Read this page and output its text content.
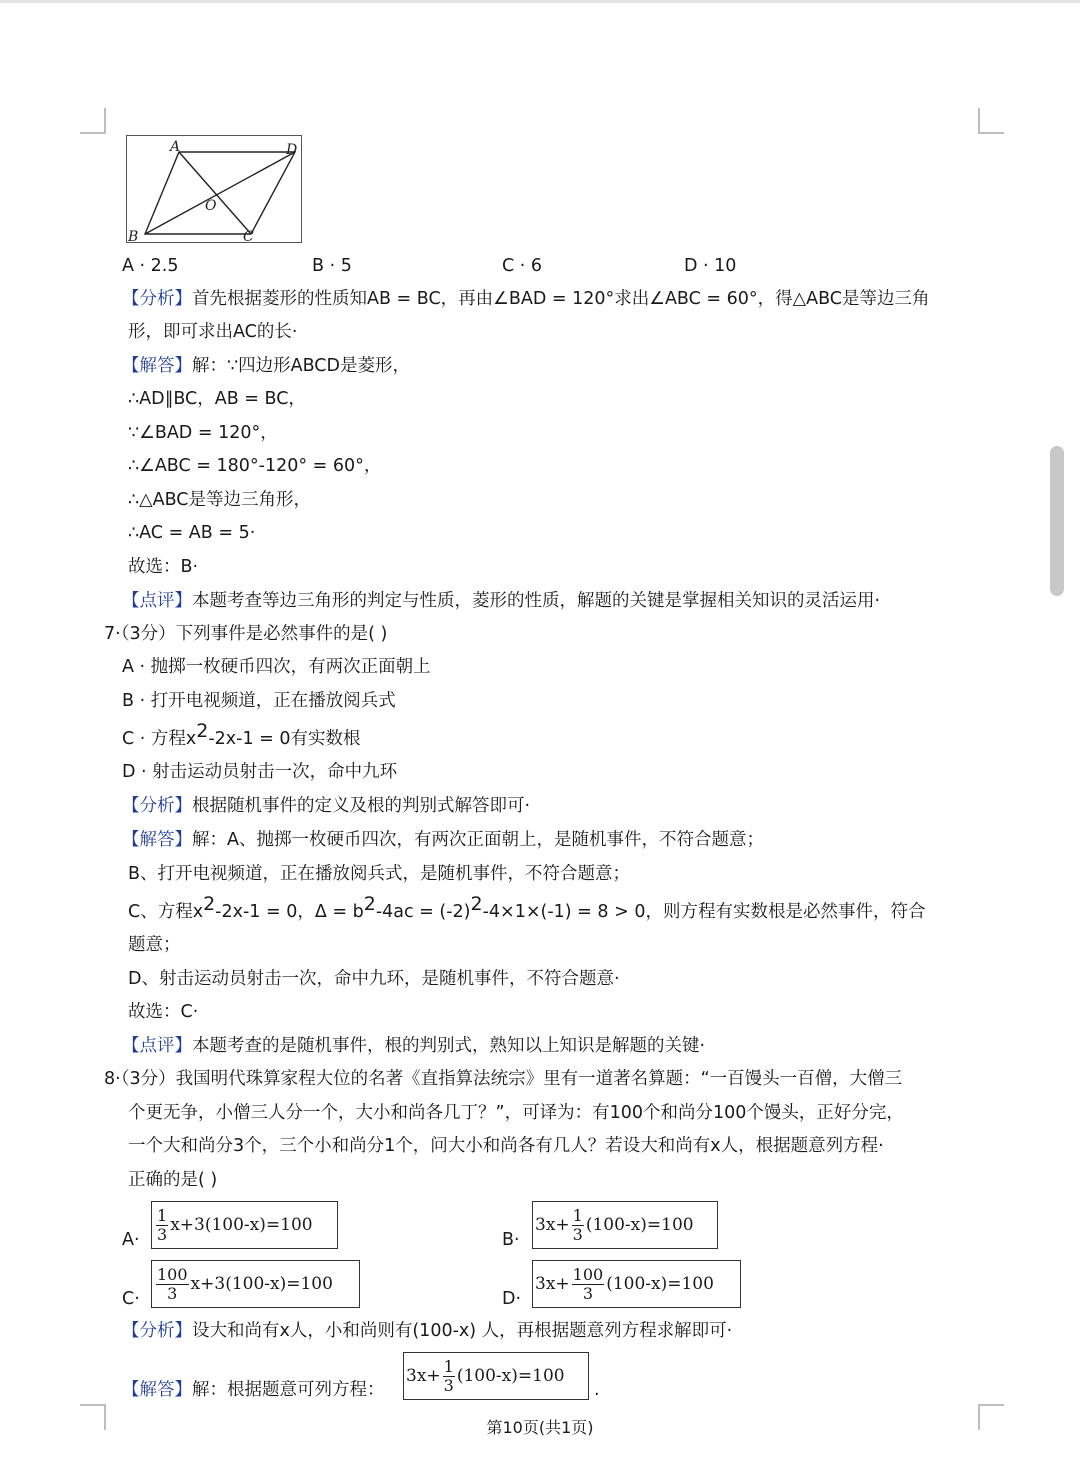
A	D
O
B	C
A · 2.5	B · 5	C · 6	D · 10
【分析】首先根据菱形的性质知AB = BC，再由∠BAD = 120°求出∠ABC = 60°，得△ABC是等边三角
形，即可求出AC的长·
【解答】解：∵四边形ABCD是菱形，
∴AD∥BC，AB = BC，
∵∠BAD = 120°，
∴∠ABC = 180°-120° = 60°，
∴△ABC是等边三角形，
∴AC = AB = 5·
故选：B·
【点评】本题考查等边三角形的判定与性质，菱形的性质，解题的关键是掌握相关知识的灵活运用·
7·（3分）下列事件是必然事件的是( )
A · 抛掷一枚硬币四次，有两次正面朝上
B · 打开电视频道，正在播放阅兵式
C · 方程x2-2x-1 = 0有实数根
D · 射击运动员射击一次，命中九环
【分析】根据随机事件的定义及根的判别式解答即可·
【解答】解：A、抛掷一枚硬币四次，有两次正面朝上，是随机事件，不符合题意；
B、打开电视频道，正在播放阅兵式，是随机事件，不符合题意；
C、方程x2-2x-1 = 0，Δ = b2-4ac = (-2)2-4×1×(-1) = 8 > 0，则方程有实数根是必然事件，符合
题意；
D、射击运动员射击一次，命中九环，是随机事件，不符合题意·
故选：C·
【点评】本题考查的是随机事件，根的判别式，熟知以上知识是解题的关键·
8·（3分）我国明代珠算家程大位的名著《直指算法统宗》里有一道著名算题：“一百馒头一百僧，大僧三
个更无争，小僧三人分一个，大小和尚各几丁？”，可译为：有100个和尚分100个馒头，正好分完，
一个大和尚分3个，三个小和尚分1个，问大小和尚各有几人？若设大和尚有x人，根据题意列方程·
正确的是( )
$A\cdot \frac{1}{3} x+3(100-x)=100$
B·
$3x+ \frac{1}{3} (100-x)=100$
$C\cdot \frac{100}{3} x+3(100-x)=100$
D·
$3x+ \frac{100}{3} (100-x)=100$
【分析】设大和尚有x人，小和尚则有(100-x) 人，再根据题意列方程求解即可·
【解答】解：根据题意可列方程：
$3x+ \frac{1}{3} (100-x)=100$
.
第10页(共1页)
